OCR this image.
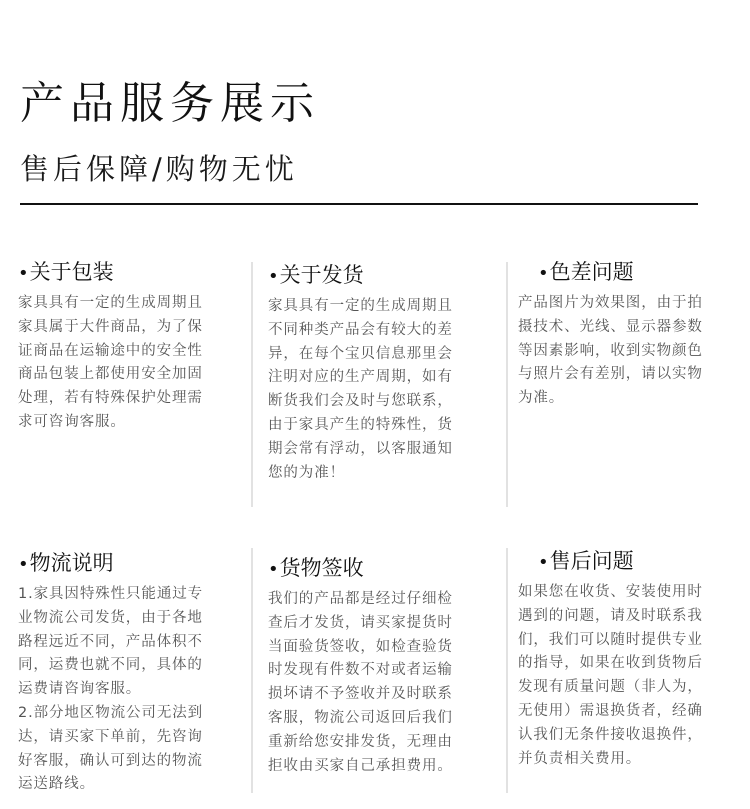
产品服务展示
售后保障/购物无忧
•关于包装

家具具有一定的生成周期且
家具属于大件商品，为了保
证商品在运输途中的安全性
商品包装上都使用安全加固
处理，若有特殊保护处理需
求可咨询客服。

•关于发货

家具具有一定的生成周期且
不同种类产品会有较大的差
异，在每个宝贝信息那里会
注明对应的生产周期，如有
断货我们会及时与您联系，
由于家具产生的特殊性，货
期会常有浮动，以客服通知
您的为准！

•色差问题

产品图片为效果图，由于拍
摄技术、光线、显示器参数
等因素影响，收到实物颜色
与照片会有差别，请以实物
为准。

•物流说明

1.家具因特殊性只能通过专
业物流公司发货，由于各地
路程远近不同，产品体积不
同，运费也就不同，具体的
运费请咨询客服。
2.部分地区物流公司无法到
达，请买家下单前，先咨询
好客服，确认可到达的物流
运送路线。

•货物签收

我们的产品都是经过仔细检
查后才发货，请买家提货时
当面验货签收，如检查验货
时发现有件数不对或者运输
损坏请不予签收并及时联系
客服，物流公司返回后我们
重新给您安排发货，无理由
拒收由买家自己承担费用。

•售后问题

如果您在收货、安装使用时
遇到的问题，请及时联系我
们，我们可以随时提供专业
的指导，如果在收到货物后
发现有质量问题（非人为，
无使用）需退换货者，经确
认我们无条件接收退换件，
并负责相关费用。
